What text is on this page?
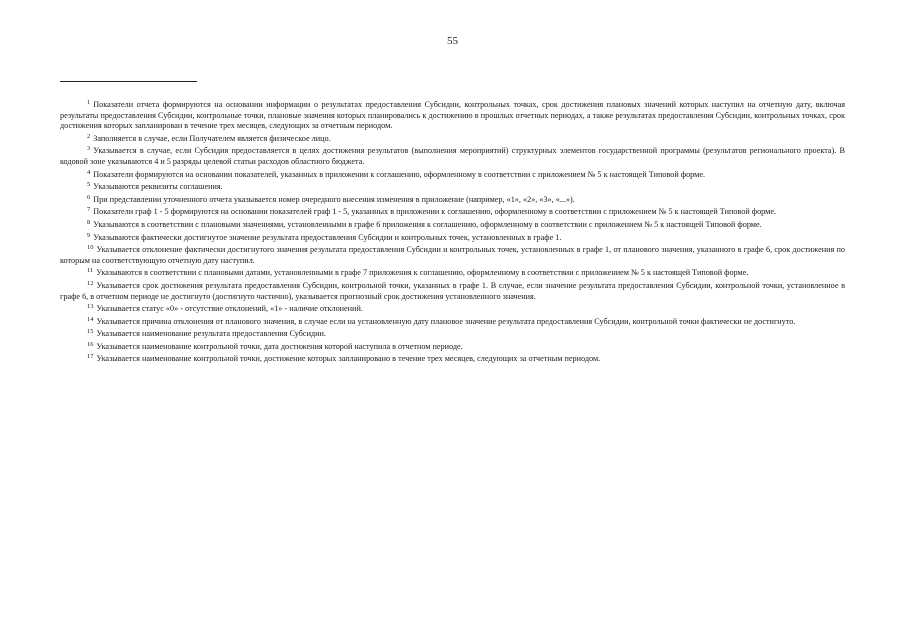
55

$^1$ Показатели отчета формируются на основании информации о результатах предоставления Субсидии, контрольных точках, срок достижения плановых значений которых наступил на отчетную дату, включая результаты предоставления Субсидии, контрольные точки, плановые значения которых планировались к достижению в прошлых отчетных периодах, а также результатах предоставления Субсидии, контрольных точках, срок достижения которых запланирован в течение трех месяцев, следующих за отчетным периодом.

$^2$ Заполняется в случае, если Получателем является физическое лицо.

$^3$ Указывается в случае, если Субсидия предоставляется в целях достижения результатов (выполнения мероприятий) структурных элементов государственной программы (результатов регионального проекта). В кодовой зоне указываются 4 и 5 разряды целевой статьи расходов областного бюджета.

$^4$ Показатели формируются на основании показателей, указанных в приложении к соглашению, оформленному в соответствии с приложением № 5 к настоящей Типовой форме.

$^5$ Указываются реквизиты соглашения.

$^6$ При представлении уточненного отчета указывается номер очередного внесения изменения в приложение (например, «1», «2», «3», «...»).

$^7$ Показатели граф 1 - 5 формируются на основании показателей граф 1 - 5, указанных в приложении к соглашению, оформленному в соответствии с приложением № 5 к настоящей Типовой форме.

$^8$ Указываются в соответствии с плановыми значениями, установленными в графе 6 приложения к соглашению, оформленному в соответствии с приложением № 5 к настоящей Типовой форме.

$^9$ Указываются фактически достигнутое значение результата предоставления Субсидии и контрольных точек, установленных в графе 1.

$^{10}$ Указывается отклонение фактически достигнутого значения результата предоставления Субсидии и контрольных точек, установленных в графе 1, от планового значения, указанного в графе 6, срок достижения по которым на соответствующую отчетную дату наступил.

$^{11}$ Указываются в соответствии с плановыми датами, установленными в графе 7 приложения к соглашению, оформленному в соответствии с приложением № 5 к настоящей Типовой форме.

$^{12}$ Указывается срок достижения результата предоставления Субсидии, контрольной точки, указанных в графе 1. В случае, если значение результата предоставления Субсидии, контрольной точки, установленное в графе 6, в отчетном периоде не достигнуто (достигнуто частично), указывается прогнозный срок достижения установленного значения.

$^{13}$ Указывается статус «0» - отсутствие отклонений, «1» - наличие отклонений.

$^{14}$ Указывается причина отклонения от планового значения, в случае если на установленную дату плановое значение результата предоставления Субсидии, контрольной точки фактически не достигнуто.

$^{15}$ Указывается наименование результата предоставления Субсидии.

$^{16}$ Указывается наименование контрольной точки, дата достижения которой наступила в отчетном периоде.

$^{17}$ Указывается наименование контрольной точки, достижение которых запланировано в течение трех месяцев, следующих за отчетным периодом.
